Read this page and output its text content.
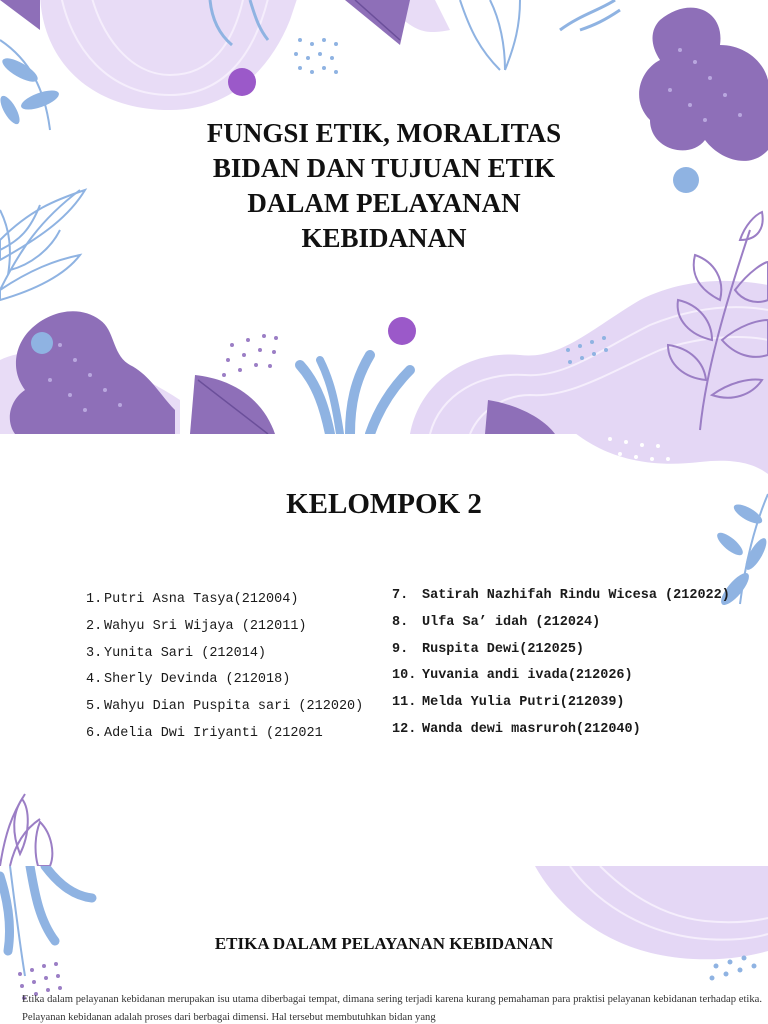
FUNGSI ETIK, MORALITAS
BIDAN DAN TUJUAN ETIK
DALAM PELAYANAN
KEBIDANAN
KELOMPOK 2
1. Putri Asna Tasya(212004)
2. Wahyu Sri Wijaya (212011)
3. Yunita Sari (212014)
4. Sherly Devinda (212018)
5. Wahyu Dian Puspita sari (212020)
6. Adelia Dwi Iriyanti (212021
7.	Satirah Nazhifah Rindu Wicesa (212022)
8.	Ulfa Sa’ idah (212024)
9.	Ruspita Dewi(212025)
10. Yuvania andi ivada(212026)
11. Melda Yulia Putri(212039)
12. Wanda dewi masruroh(212040)
ETIKA DALAM PELAYANAN KEBIDANAN

Etika dalam pelayanan kebidanan merupakan isu utama diberbagai tempat, dimana sering terjadi karena kurang pemahaman para praktisi pelayanan kebidanan terhadap etika. Pelayanan kebidanan adalah proses dari berbagai dimensi. Hal tersebut membutuhkan bidan yang
